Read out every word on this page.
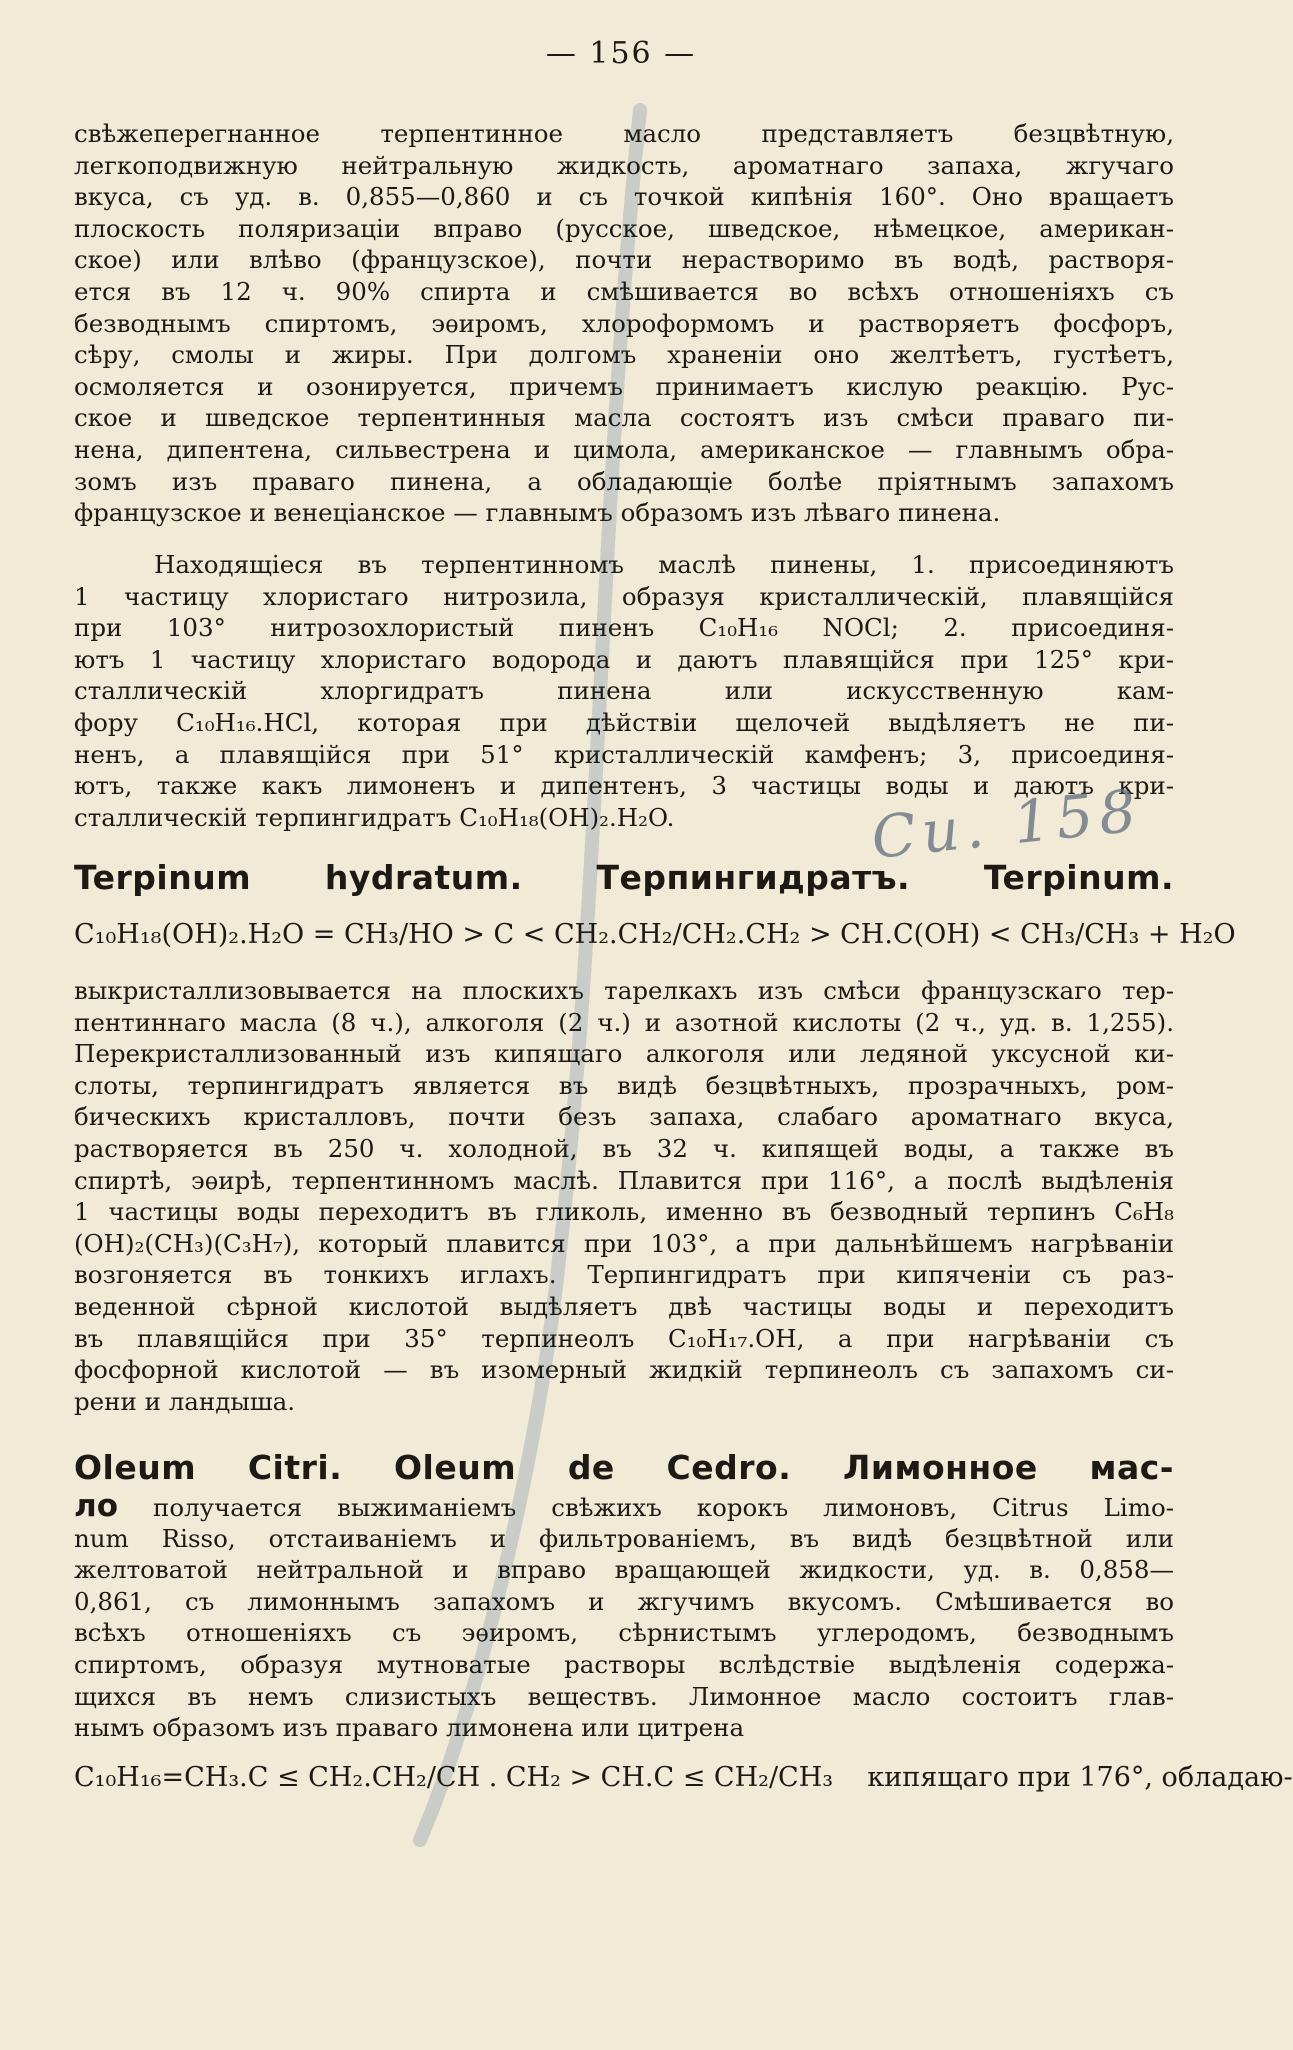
— 156 —
свѣжеперегнанное терпентинное масло представляетъ безцвѣтную,
легкоподвижную нейтральную жидкость, ароматнаго запаха, жгучаго
вкуса, съ уд. в. 0,855—0,860 и съ точкой кипѣнія 160°. Оно вращаетъ
плоскость поляризаціи вправо (русское, шведское, нѣмецкое, американ-
ское) или влѣво (французское), почти нерастворимо въ водѣ, растворя-
ется въ 12 ч. 90% спирта и смѣшивается во всѣхъ отношеніяхъ съ
безводнымъ спиртомъ, эѳиромъ, хлороформомъ и растворяетъ фосфоръ,
сѣру, смолы и жиры. При долгомъ храненіи оно желтѣетъ, густѣетъ,
осмоляется и озонируется, причемъ принимаетъ кислую реакцію. Рус-
ское и шведское терпентинныя масла состоятъ изъ смѣси праваго пи-
нена, дипентена, сильвестрена и цимола, американское — главнымъ обра-
зомъ изъ праваго пинена, а обладающіе болѣе пріятнымъ запахомъ
французское и венеціанское — главнымъ образомъ изъ лѣваго пинена.
Находящіеся въ терпентинномъ маслѣ пинены, 1. присоединяютъ
1 частицу хлористаго нитрозила, образуя кристаллическій, плавящійся
при 103° нитрозохлористый пиненъ C₁₀H₁₆ NOCl; 2. присоединя-
ютъ 1 частицу хлористаго водорода и даютъ плавящійся при 125° кри-
сталлическій хлоргидратъ пинена или искусственную кам-
фору C₁₀H₁₆.HCl, которая при дѣйствіи щелочей выдѣляетъ не пи-
ненъ, а плавящійся при 51° кристаллическій камфенъ; 3, присоединя-
ютъ, также какъ лимоненъ и дипентенъ, 3 частицы воды и даютъ кри-
сталлическій терпингидратъ C₁₀H₁₈(OH)₂.H₂O.	Си. 158
Terpinum hydratum. Терпингидратъ. Terpinum.
C₁₀H₁₈(OH)₂.H₂O = CH₃/HO > C < CH₂.CH₂/CH₂.CH₂ > CH.C(OH) < CH₃/CH₃ + H₂O
выкристаллизовывается на плоскихъ тарелкахъ изъ смѣси французскаго тер-
пентиннаго масла (8 ч.), алкоголя (2 ч.) и азотной кислоты (2 ч., уд. в. 1,255).
Перекристаллизованный изъ кипящаго алкоголя или ледяной уксусной ки-
слоты, терпингидратъ является въ видѣ безцвѣтныхъ, прозрачныхъ, ром-
бическихъ кристалловъ, почти безъ запаха, слабаго ароматнаго вкуса,
растворяется въ 250 ч. холодной, въ 32 ч. кипящей воды, а также въ
спиртѣ, эѳирѣ, терпентинномъ маслѣ. Плавится при 116°, а послѣ выдѣленія
1 частицы воды переходитъ въ гликоль, именно въ безводный терпинъ C₆H₈
(OH)₂(CH₃)(C₃H₇), который плавится при 103°, а при дальнѣйшемъ нагрѣваніи
возгоняется въ тонкихъ иглахъ. Терпингидратъ при кипяченіи съ раз-
веденной сѣрной кислотой выдѣляетъ двѣ частицы воды и переходитъ
въ плавящійся при 35° терпинеолъ C₁₀H₁₇.OH, а при нагрѣваніи съ
фосфорной кислотой — въ изомерный жидкій терпинеолъ съ запахомъ си-
рени и ландыша.
Oleum Citri. Oleum de Cedro. Лимонное мас-
ло получается выжиманіемъ свѣжихъ корокъ лимоновъ, Citrus Limo-
num Risso, отстаиваніемъ и фильтрованіемъ, въ видѣ безцвѣтной или
желтоватой нейтральной и вправо вращающей жидкости, уд. в. 0,858—
0,861, съ лимоннымъ запахомъ и жгучимъ вкусомъ. Смѣшивается во
всѣхъ отношеніяхъ съ эѳиромъ, сѣрнистымъ углеродомъ, безводнымъ
спиртомъ, образуя мутноватые растворы вслѣдствіе выдѣленія содержа-
щихся въ немъ слизистыхъ веществъ. Лимонное масло состоитъ глав-
нымъ образомъ изъ праваго лимонена или цитрена
C₁₀H₁₆=CH₃.C ≤ CH₂.CH₂/CH . CH₂ > CH.C ≤ CH₂/CH₃ кипящаго при 176°, обладаю-
